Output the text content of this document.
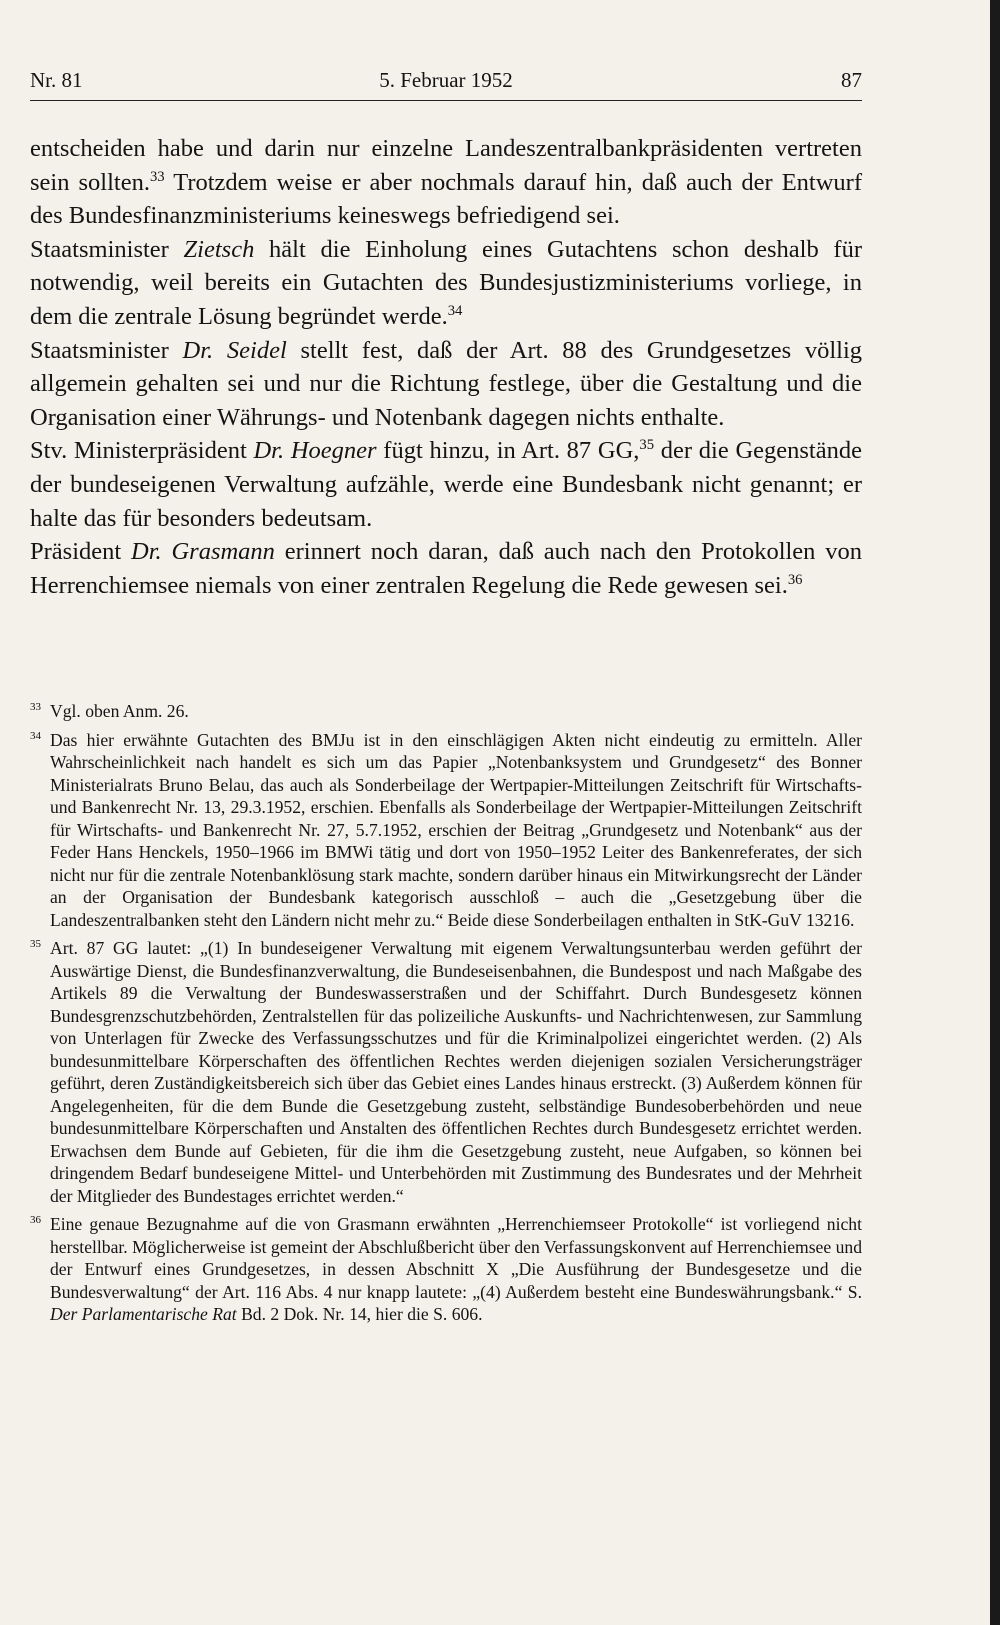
Nr. 81	5. Februar 1952	87

entscheiden habe und darin nur einzelne Landeszentralbankpräsidenten vertreten sein sollten.$^{33}$ Trotzdem weise er aber nochmals darauf hin, daß auch der Entwurf des Bundesfinanzministeriums keineswegs befriedigend sei.

Staatsminister Zietsch hält die Einholung eines Gutachtens schon deshalb für notwendig, weil bereits ein Gutachten des Bundesjustizministeriums vorliege, in dem die zentrale Lösung begründet werde.$^{34}$

Staatsminister Dr. Seidel stellt fest, daß der Art. 88 des Grundgesetzes völlig allgemein gehalten sei und nur die Richtung festlege, über die Gestaltung und die Organisation einer Währungs- und Notenbank dagegen nichts enthalte.

Stv. Ministerpräsident Dr. Hoegner fügt hinzu, in Art. 87 GG,$^{35}$ der die Gegenstände der bundeseigenen Verwaltung aufzähle, werde eine Bundesbank nicht genannt; er halte das für besonders bedeutsam.

Präsident Dr. Grasmann erinnert noch daran, daß auch nach den Protokollen von Herrenchiemsee niemals von einer zentralen Regelung die Rede gewesen sei.$^{36}$

33 Vgl. oben Anm. 26.
34 Das hier erwähnte Gutachten des BMJu ist in den einschlägigen Akten nicht eindeutig zu ermitteln. Aller Wahrscheinlichkeit nach handelt es sich um das Papier „Notenbanksystem und Grundgesetz“ des Bonner Ministerialrats Bruno Belau, das auch als Sonderbeilage der Wertpapier-Mitteilungen Zeitschrift für Wirtschafts- und Bankenrecht Nr. 13, 29.3.1952, erschien. Ebenfalls als Sonderbeilage der Wertpapier-Mitteilungen Zeitschrift für Wirtschafts- und Bankenrecht Nr. 27, 5.7.1952, erschien der Beitrag „Grundgesetz und Notenbank“ aus der Feder Hans Henckels, 1950–1966 im BMWi tätig und dort von 1950–1952 Leiter des Bankenreferates, der sich nicht nur für die zentrale Notenbanklösung stark machte, sondern darüber hinaus ein Mitwirkungsrecht der Länder an der Organisation der Bundesbank kategorisch ausschloß – auch die „Gesetzgebung über die Landeszentralbanken steht den Ländern nicht mehr zu.“ Beide diese Sonderbeilagen enthalten in StK-GuV 13216.
35 Art. 87 GG lautet: „(1) In bundeseigener Verwaltung mit eigenem Verwaltungsunterbau werden geführt der Auswärtige Dienst, die Bundesfinanzverwaltung, die Bundeseisenbahnen, die Bundespost und nach Maßgabe des Artikels 89 die Verwaltung der Bundeswasserstraßen und der Schiffahrt. Durch Bundesgesetz können Bundesgrenzschutzbehörden, Zentralstellen für das polizeiliche Auskunfts- und Nachrichtenwesen, zur Sammlung von Unterlagen für Zwecke des Verfassungsschutzes und für die Kriminalpolizei eingerichtet werden. (2) Als bundesunmittelbare Körperschaften des öffentlichen Rechtes werden diejenigen sozialen Versicherungsträger geführt, deren Zuständigkeitsbereich sich über das Gebiet eines Landes hinaus erstreckt. (3) Außerdem können für Angelegenheiten, für die dem Bunde die Gesetzgebung zusteht, selbständige Bundesoberbehörden und neue bundesunmittelbare Körperschaften und Anstalten des öffentlichen Rechtes durch Bundesgesetz errichtet werden. Erwachsen dem Bunde auf Gebieten, für die ihm die Gesetzgebung zusteht, neue Aufgaben, so können bei dringendem Bedarf bundeseigene Mittel- und Unterbehörden mit Zustimmung des Bundesrates und der Mehrheit der Mitglieder des Bundestages errichtet werden.“
36 Eine genaue Bezugnahme auf die von Grasmann erwähnten „Herrenchiemseer Protokolle“ ist vorliegend nicht herstellbar. Möglicherweise ist gemeint der Abschlußbericht über den Verfassungskonvent auf Herrenchiemsee und der Entwurf eines Grundgesetzes, in dessen Abschnitt X „Die Ausführung der Bundesgesetze und die Bundesverwaltung“ der Art. 116 Abs. 4 nur knapp lautete: „(4) Außerdem besteht eine Bundeswährungsbank.“ S. Der Parlamentarische Rat Bd. 2 Dok. Nr. 14, hier die S. 606.
